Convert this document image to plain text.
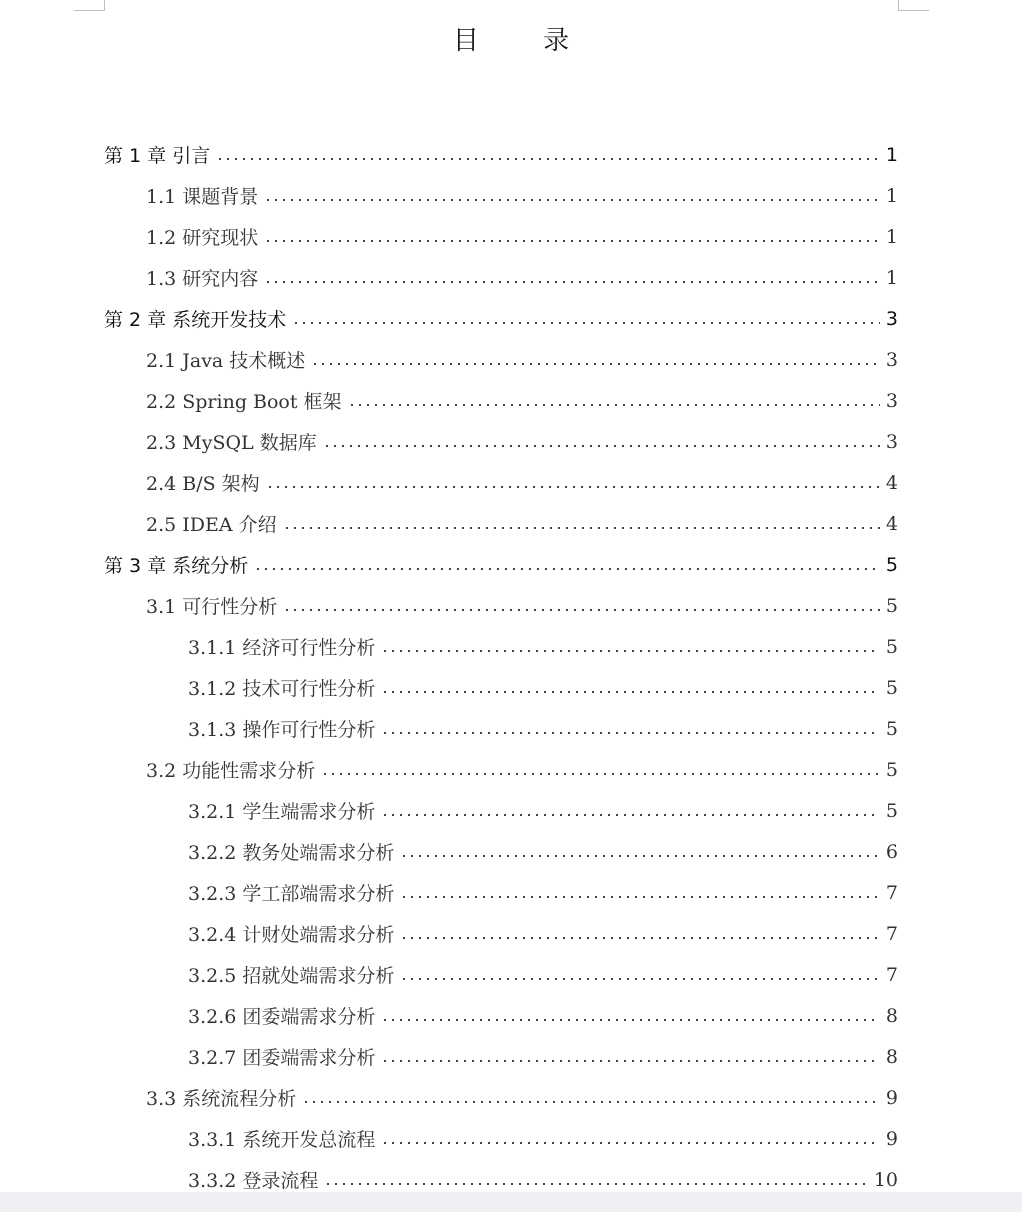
目 录
第 1 章 引言	1
1.1 课题背景	1
1.2 研究现状	1
1.3 研究内容	1
第 2 章 系统开发技术	3
2.1 Java 技术概述	3
2.2 Spring Boot 框架	3
2.3 MySQL 数据库	3
2.4 B/S 架构	4
2.5 IDEA 介绍	4
第 3 章 系统分析	5
3.1 可行性分析	5
3.1.1 经济可行性分析	5
3.1.2 技术可行性分析	5
3.1.3 操作可行性分析	5
3.2 功能性需求分析	5
3.2.1 学生端需求分析	5
3.2.2 教务处端需求分析	6
3.2.3 学工部端需求分析	7
3.2.4 计财处端需求分析	7
3.2.5 招就处端需求分析	7
3.2.6 团委端需求分析	8
3.2.7 团委端需求分析	8
3.3 系统流程分析	9
3.3.1 系统开发总流程	9
3.3.2 登录流程	10
